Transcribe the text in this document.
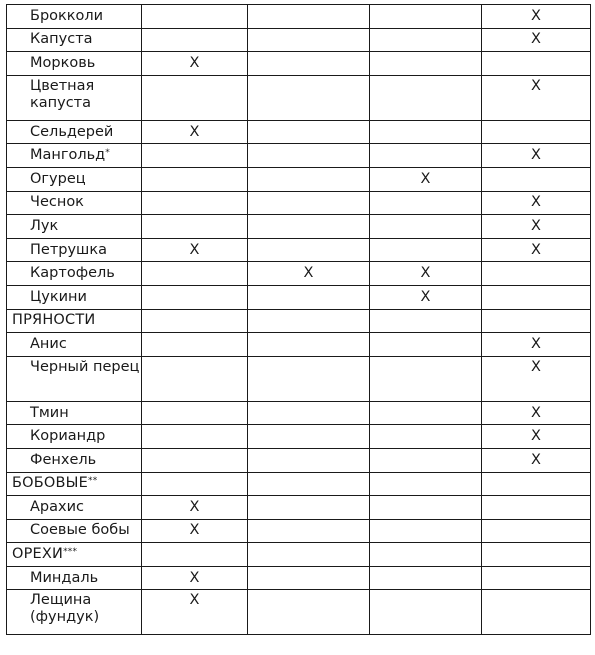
Брокколи				X
Капуста				X
Морковь	X			
Цветная капуста				X
Сельдерей	X			
Мангольд*				X
Огурец			X	
Чеснок				X
Лук				X
Петрушка	X			X
Картофель		X	X	
Цукини			X	
ПРЯНОСТИ				
Анис				X
Черный перец				X
Тмин				X
Кориандр				X
Фенхель				X
БОБОВЫЕ**				
Арахис	X			
Соевые бобы	X			
ОРЕХИ***				
Миндаль	X			
Лещина (фундук)	X			
